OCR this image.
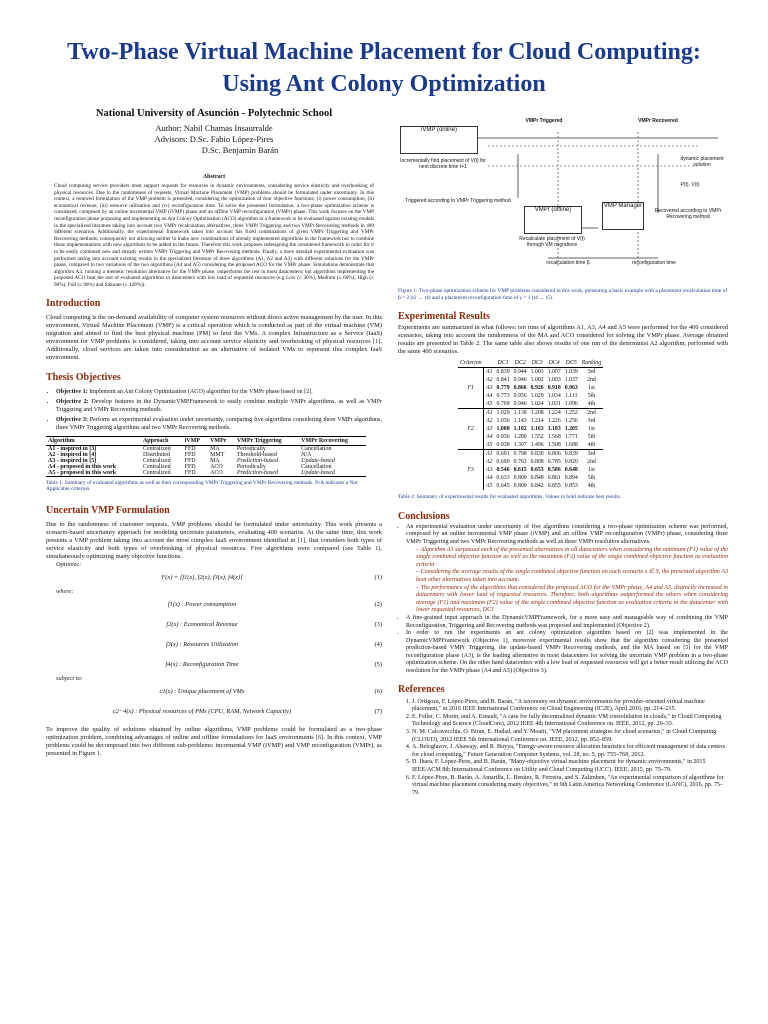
Two-Phase Virtual Machine Placement for Cloud Computing: Using Ant Colony Optimization
National University of Asunción - Polytechnic School
Author: Nabil Chamas Insaurralde
Advisors: D.Sc. Fabio López-Pires
D.Sc. Benjamín Barán
Abstract

Cloud computing service providers must support requests for resources in dynamic environments, considering service elasticity and overbooking of physical resources. Due to the randomness of requests, Virtual Machine Placement (VMP) problems should be formulated under uncertainty. In this context, a renewed formulation of the VMP problem is presented, considering the optimization of four objective functions: (i) power consumption, (ii) economical revenue, (iii) resource utilization and (iv) reconfiguration time. To solve the presented formulation, a two-phase optimization scheme is considered, composed by an online incremental VMP (iVMP) phase and an offline VMP reconfiguration (VMPr) phase. This work focuses on the VMP reconfiguration phase proposing and implementing an Ant Colony Optimization (ACO) algorithm in a framework to be evaluated against existing models in the specialized literature taking into account two VMPr recalculation alternatives, three VMPr Triggering and two VMPr Recovering methods in 400 different scenarios. Additionally, the experimental framework taken into account has fixed combinations of given VMPr Triggering and VMPr Recovering methods; consequently not allowing neither to make new combinations of already implemented algorithms in the framework nor to combine those implementations with new algorithms to be added in the future. Therefore this work proposes redesigning the considered framework in order for it to be easily combined new and already written VMPr Triggering and VMPr Recovering methods. Finally, a more detailed experimental evaluation was performed taking into account existing results in the specialized literature of three algorithms (A1, A2 and A3) with different solutions for the VMPr phase, compared to two variations of the two algorithms (A4 and A5) considering the proposed ACO for the VMPr phase. Simulations demonstrate that algorithm A3, running a memetic resolution alternative for the VMPr phase, outperforms the rest in most datacenters; but algorithms implementing the proposed ACO beat the rest of evaluated algorithms in datacenters with low load of requested resources (e.g Low (≤ 30%), Medium (≤ 60%), High (≤ 90%), Full (≤ 98%) and Saturate (≤ 120%)).

Introduction

Cloud computing is the on-demand availability of computer system resources without direct active management by the user. In this environment, Virtual Machine Placement (VMP) is a critical operation which is conducted as part of the virtual machine (VM) migration and aimed to find the best physical machine (PM) to host the VMs. A complex Infrastructure as a Service (IaaS) environment for VMP problems is considered, taking into account service elasticity and overbooking of physical resources [1]. Additionally, cloud services are taken into consideration as an alternative of isolated VMs to represent this complex IaaS environment.

Thesis Objectives
• Objective 1: Implement an Ant Colony Optimization (ACO) algorithm for the VMPr phase based on [2].
• Objective 2: Develop features in the DynamicVMPFramework to easily combine multiple VMPr algorithms, as well as VMPr Triggering and VMPr Recovering methods.
• Objective 3: Perform an experimental evaluation under uncertainty, comparing five algorithms considering three VMPr algorithms, three VMPr Triggering algorithms and two VMPr Recovering methods.
Algorithm	Approach	iVMP	VMPr	VMPr Triggering	VMPr Recovering
A1 - inspired in [3]	Centralized	FFD	MA	Periodically	Cancellation
A2 - inspired in [4]	Distributed	FFD	MMT	Threshold-based	N/A
A3 - inspired in [5]	Centralized	FFD	MA	Prediction-based	Update-based
A4 - proposed in this work	Centralized	FFD	ACO	Periodically	Cancellation
A5 - proposed in this work	Centralized	FFD	ACO	Prediction-based	Update-based
Table 1: Summary of evaluated algorithms as well as their corresponding VMPr Triggering and VMPr Recovering methods. N/A indicates a Not Applicable criterion.
Uncertain VMP Formulation

Due to the randomness of customer requests, VMP problems should be formulated under uncertainty. This work presents a scenario-based uncertainty approach for modeling uncertain parameters, evaluating 400 scenarios. At the same time, this work presents a VMP problem taking into account the most complex IaaS environment identified in [1], that considers both types of service elasticity and both types of overbooking of physical resources. Five algorithms were compared (see Table 1), simultaneously optimizing many objective functions.

Optimize:
F(x) = [f1(x), f2(x), f3(x), f4(x)]	(1)
where:
f1(x) : Power consumption	(2)
f2(x) : Economical Revenue	(3)
f3(x) : Resources Utilization	(4)
f4(x) : Reconfiguration Time	(5)
subject to:
c1(x) : Unique placement of VMs	(6)
c2−4(x) : Physical resources of PMs (CPU, RAM, Network Capacity)	(7)

To improve the quality of solutions obtained by online algorithms, VMP problems could be formulated as a two-phase optimization problem, combining advantages of online and offline formulations for IaaS environments [6]. In this context, VMP problems could be decomposed into two different sub-problems: incremental VMP (iVMP) and VMP reconfiguration (VMPr), as presented in Figure 1.

iVMP (online)
Incrementally find placement of V(t) for next discrete time t+1
VMPr Triggered	VMPr Recovered
Triggered according to VMPr Triggering method
VMPr (offline)
Recalculate placement of V(t) through VM migrations
VMP Manager
Recovered according to VMPr Recovering method
dynamic placement solution
P(t), V(t)
recalculation time β	reconfiguration time
Figure 1: Two-phase optimization scheme for VMP problems considered in this work, presenting a basic example with a placement recalculation time of β = 2 (t2 → t4) and a placement reconfiguration time of γ = 1 (t4 → t5).
Experimental Results

Experiments are summarized in what follows: ten runs of algorithms A1, A3, A4 and A5 were performed for the 400 considered scenarios, taking into account the randomness of the MA and ACO considered for solving the VMPr phase. Average obtained results are presented in Table 2. The same table also shows results of one run of the determinist A2 algorithm, performed with the same 400 scenarios.

Criterion		DC1	DC2	DC3	DC4	DC5	Ranking
	A1	0.839	0.944	1.003	1.007	1.039	3rd
	A2	0.841	0.946	1.002	1.003	1.037	2nd
F1	A3	0.779	0.866	0.926	0.918	0.963	1st
	A4	0.773	0.956	1.029	1.034	1.111	5th
	A5	0.769	0.946	1.024	1.031	1.096	4th
	A1	1.029	1.138	1.208	1.224	1.252	2nd
	A2	1.036	1.143	1.214	1.226	1.256	3rd
F2	A3	1.008	1.102	1.163	1.183	1.205	1st
	A4	0.936	1.280	1.552	1.568	1.771	5th
	A5	0.938	1.307	1.496	1.508	1.688	4th
	A1	0.691	0.798	0.830	0.806	0.839	3rd
	A2	0.690	0.763	0.808	0.785	0.820	2nd
F3	A3	0.546	0.615	0.653	0.586	0.648	1st
	A4	0.633	0.809	0.848	0.861	0.894	5th
	A5	0.645	0.809	0.842	0.855	0.853	4th
Table 2: Summary of experimental results for evaluated algorithms. Values in bold indicate best results.
Conclusions
• An experimental evaluation under uncertainty of five algorithms considering a two-phase optimization scheme was performed, composed by an online incremental VMP phase (iVMP) and an offline VMP reconfiguration (VMPr) phase, considering three VMPr Triggering and two VMPr Recovering methods as well as three VMPr resolution alternatives.
– Algorithm A3 surpassed each of the presented alternatives in all datacenters when considering the minimum (F1) value of the single combined objective function as well as the maximum (F2) value of the single combined objective function as evaluation criteria
– Considering the average results of the single combined objective function on each scenario s ∈ S, the presented algorithm A3 beat other alternatives taken into account.
– The performance of the algorithms that considered the proposed ACO for the VMPr phase, A4 and A5, distinctly increased in datacenters with lower load of requested resources. Therefore, both algorithms outperformed the others when considering average (F1) and maximum (F2) value of the single combined objective function as evaluation criteria in the datacenter with lower requested resources, DC1
• A fine-grained input approach in the DynamicVMPFramework, for a more easy and manageable way of combining the VMP Reconfiguration, Triggering and Recovering methods was proposed and implemented (Objective 2).
• In order to run the experiments an ant colony optimization algorithm based on [2] was implemented in the DynamicVMPFramework (Objective 1), moreover experimental results show that the algorithm considering the presented prediction-based VMPr Triggering, the update-based VMPr Recovering methods, and the MA based on [5] for the VMP reconfiguration phase (A3), is the leading alternative in most datacenters for solving the uncertain VMP problem in a two-phase optimization scheme. On the other hand datacenters with a low load of requested resources will get a better result utilizing the ACO resolution for the VMPr phase (A4 and A5) (Objective 3).
References
1. J. Ortigoza, F. López-Pires, and B. Barán, "A taxonomy on dynamic environments for provider-oriented virtual machine placement," in 2016 IEEE International Conference on Cloud Engineering (IC2E), April 2016, pp. 214–215.
2. E. Feller, C. Morin, and A. Esnault, "A case for fully decentralized dynamic VM consolidation in clouds," in Cloud Computing Technology and Science (CloudCom), 2012 IEEE 4th International Conference on. IEEE, 2012, pp. 26–33.
3. N. M. Calcavecchia, O. Biran, E. Hadad, and Y. Moatti, "VM placement strategies for cloud scenarios," in Cloud Computing (CLOUD), 2012 IEEE 5th International Conference on. IEEE, 2012, pp. 852–859.
4. A. Beloglazov, J. Abawajy, and R. Buyya, "Energy-aware resource allocation heuristics for efficient management of data centers for cloud computing," Future Generation Computer Systems, vol. 28, no. 5, pp. 755–768, 2012.
5. D. Ihara, F. López-Pires, and B. Barán, "Many-objective virtual machine placement for dynamic environments," in 2015 IEEE/ACM 8th International Conference on Utility and Cloud Computing (UCC). IEEE, 2015, pp. 75–79.
6. F. López-Pires, B. Barán, A. Amarilla, L. Benítez, R. Ferreira, and S. Zalimben, "An experimental comparison of algorithms for virtual machine placement considering many objectives," in 9th Latin America Networking Conference (LANC), 2016, pp. 75–79.
